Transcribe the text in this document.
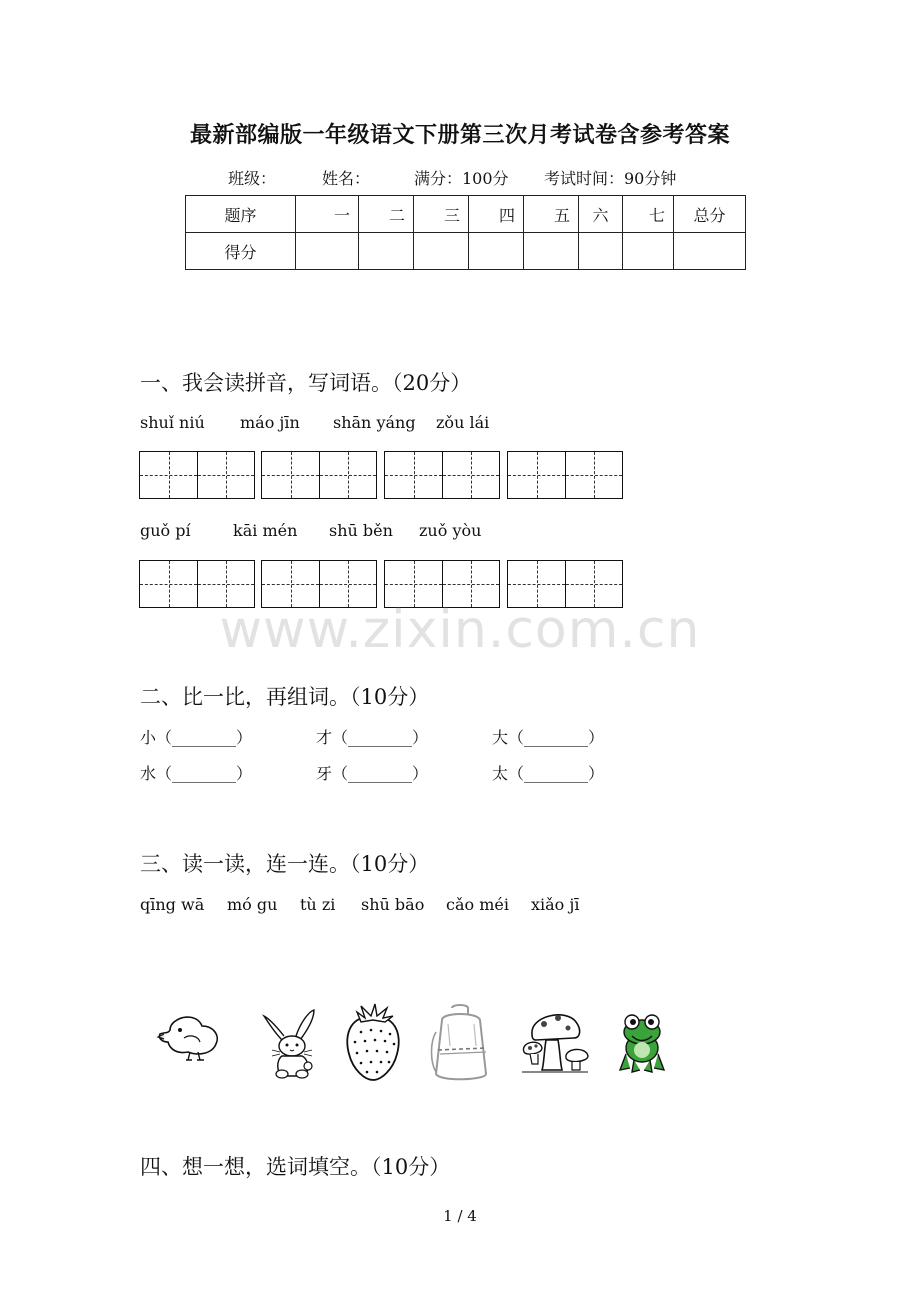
最新部编版一年级语文下册第三次月考试卷含参考答案
班级：	姓名：	满分：100分 考试时间：90分钟
题序	一	二	三	四	五	六	七	总分
得分								
一、我会读拼音，写词语。（20分）
shuǐ niú máo jīn shān yáng zǒu lái
guǒ pí	kāi mén shū běn zuǒ yòu
www.zixin.com.cn
二、比一比，再组词。（10分）
小（________）	才（________）	大（________）
水（________）	牙（________）	太（________）
三、读一读，连一连。（10分）
qīng wā mó gu tù zi shū bāo cǎo méi xiǎo jī
四、想一想，选词填空。（10分）
1 / 4
